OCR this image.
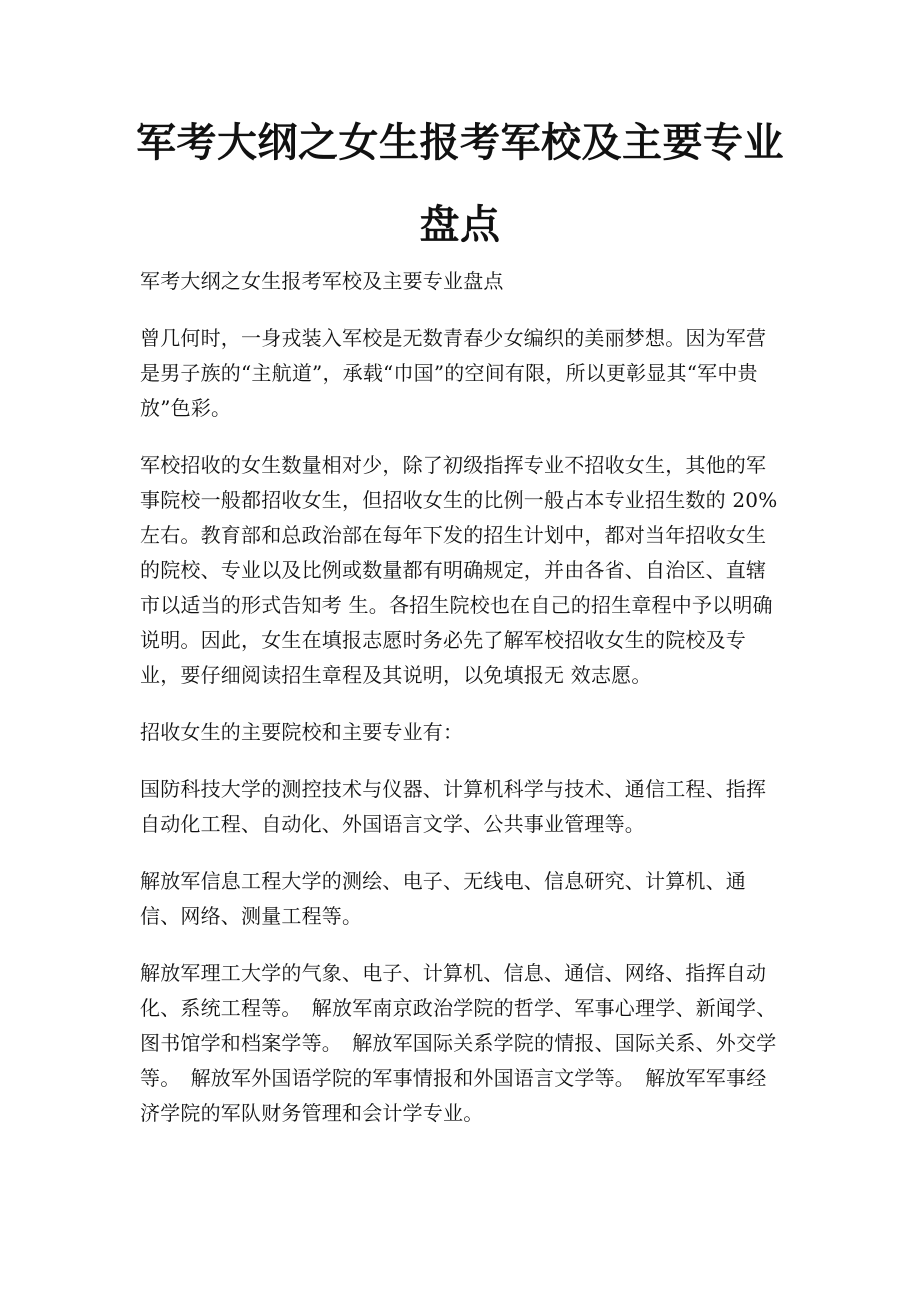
军考大纲之女生报考军校及主要专业盘点

军考大纲之女生报考军校及主要专业盘点

曾几何时，一身戎装入军校是无数青春少女编织的美丽梦想。因为军营是男子族的“主航道”，承载“巾国”的空间有限，所以更彰显其“军中贵放”色彩。

军校招收的女生数量相对少，除了初级指挥专业不招收女生，其他的军事院校一般都招收女生，但招收女生的比例一般占本专业招生数的 20%左右。教育部和总政治部在每年下发的招生计划中，都对当年招收女生的院校、专业以及比例或数量都有明确规定，并由各省、自治区、直辖市以适当的形式告知考 生。各招生院校也在自己的招生章程中予以明确说明。因此，女生在填报志愿时务必先了解军校招收女生的院校及专业，要仔细阅读招生章程及其说明，以免填报无 效志愿。

招收女生的主要院校和主要专业有：

国防科技大学的测控技术与仪器、计算机科学与技术、通信工程、指挥自动化工程、自动化、外国语言文学、公共事业管理等。

解放军信息工程大学的测绘、电子、无线电、信息研究、计算机、通信、网络、测量工程等。

解放军理工大学的气象、电子、计算机、信息、通信、网络、指挥自动化、系统工程等。　解放军南京政治学院的哲学、军事心理学、新闻学、图书馆学和档案学等。　解放军国际关系学院的情报、国际关系、外交学等。　解放军外国语学院的军事情报和外国语言文学等。　解放军军事经济学院的军队财务管理和会计学专业。
